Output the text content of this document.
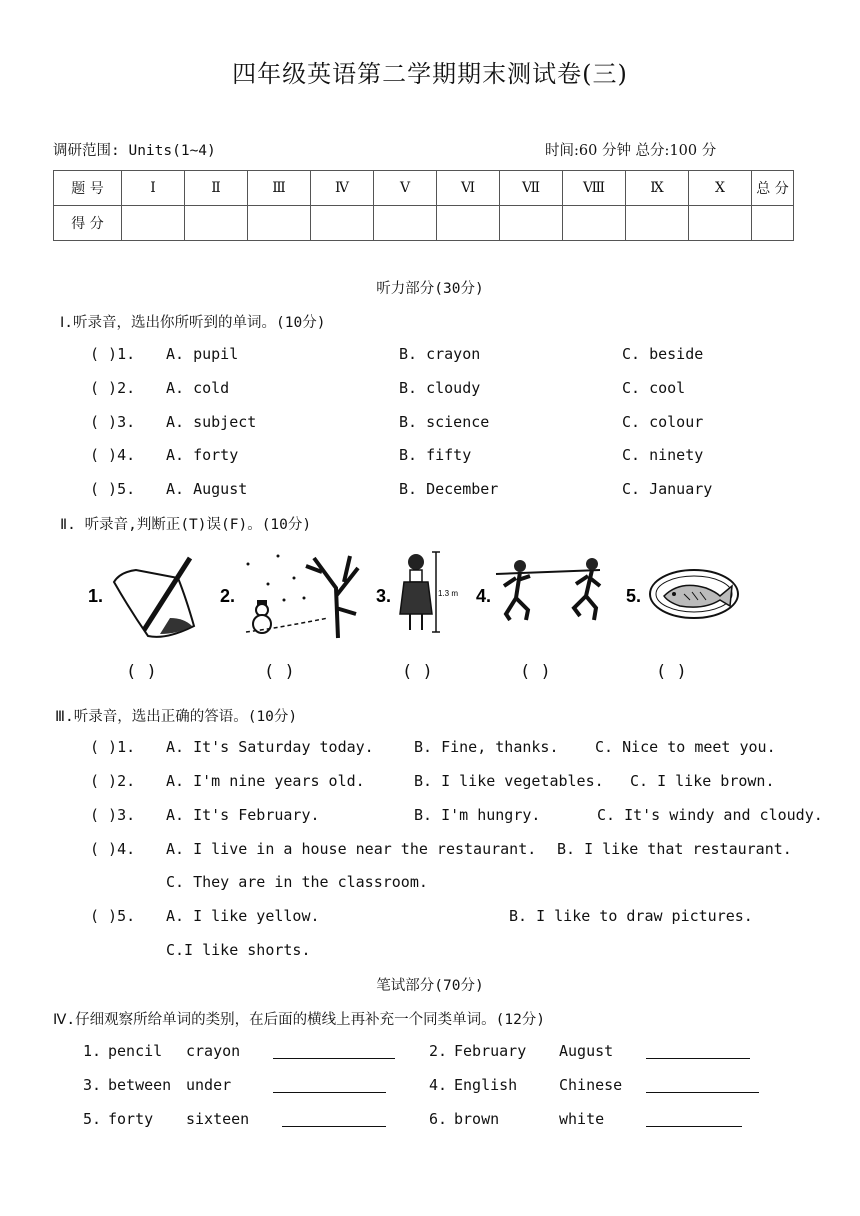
四年级英语第二学期期末测试卷(三)
调研范围: Units(1~4)	时间:60 分钟 总分:100 分
题 号	Ⅰ	Ⅱ	Ⅲ	Ⅳ	Ⅴ	Ⅵ	Ⅶ	Ⅷ	Ⅸ	Ⅹ	总 分
得 分											
听力部分(30分)
Ⅰ.听录音，选出你所听到的单词。(10分)
( )1. A. pupil	B. crayon	C. beside
( )2. A. cold	B. cloudy	C. cool
( )3. A. subject	B. science	C. colour
( )4. A. forty	B. fifty	C. ninety
( )5. A. August	B. December	C. January
Ⅱ. 听录音,判断正(T)误(F)。(10分)
1.	2.	3.	1.3 m 4.	5.
( )	( )	( )	( )	( )
Ⅲ.听录音，选出正确的答语。(10分)
( )1. A. It's Saturday today.	B. Fine, thanks. C. Nice to meet you.
( )2. A. I'm nine years old.	B. I like vegetables. C. I like brown.
( )3. A. It's February.	B. I'm hungry.	C. It's windy and cloudy.
( )4. A. I live in a house near the restaurant. B. I like that restaurant.
C. They are in the classroom.
( )5. A. I like yellow.	B. I like to draw pictures.
C.I like shorts.
笔试部分(70分)
Ⅳ.仔细观察所给单词的类别，在后面的横线上再补充一个同类单词。(12分)
1. pencil crayon	2. February August
3. between under	4. English	Chinese
5. forty sixteen	6. brown	white
